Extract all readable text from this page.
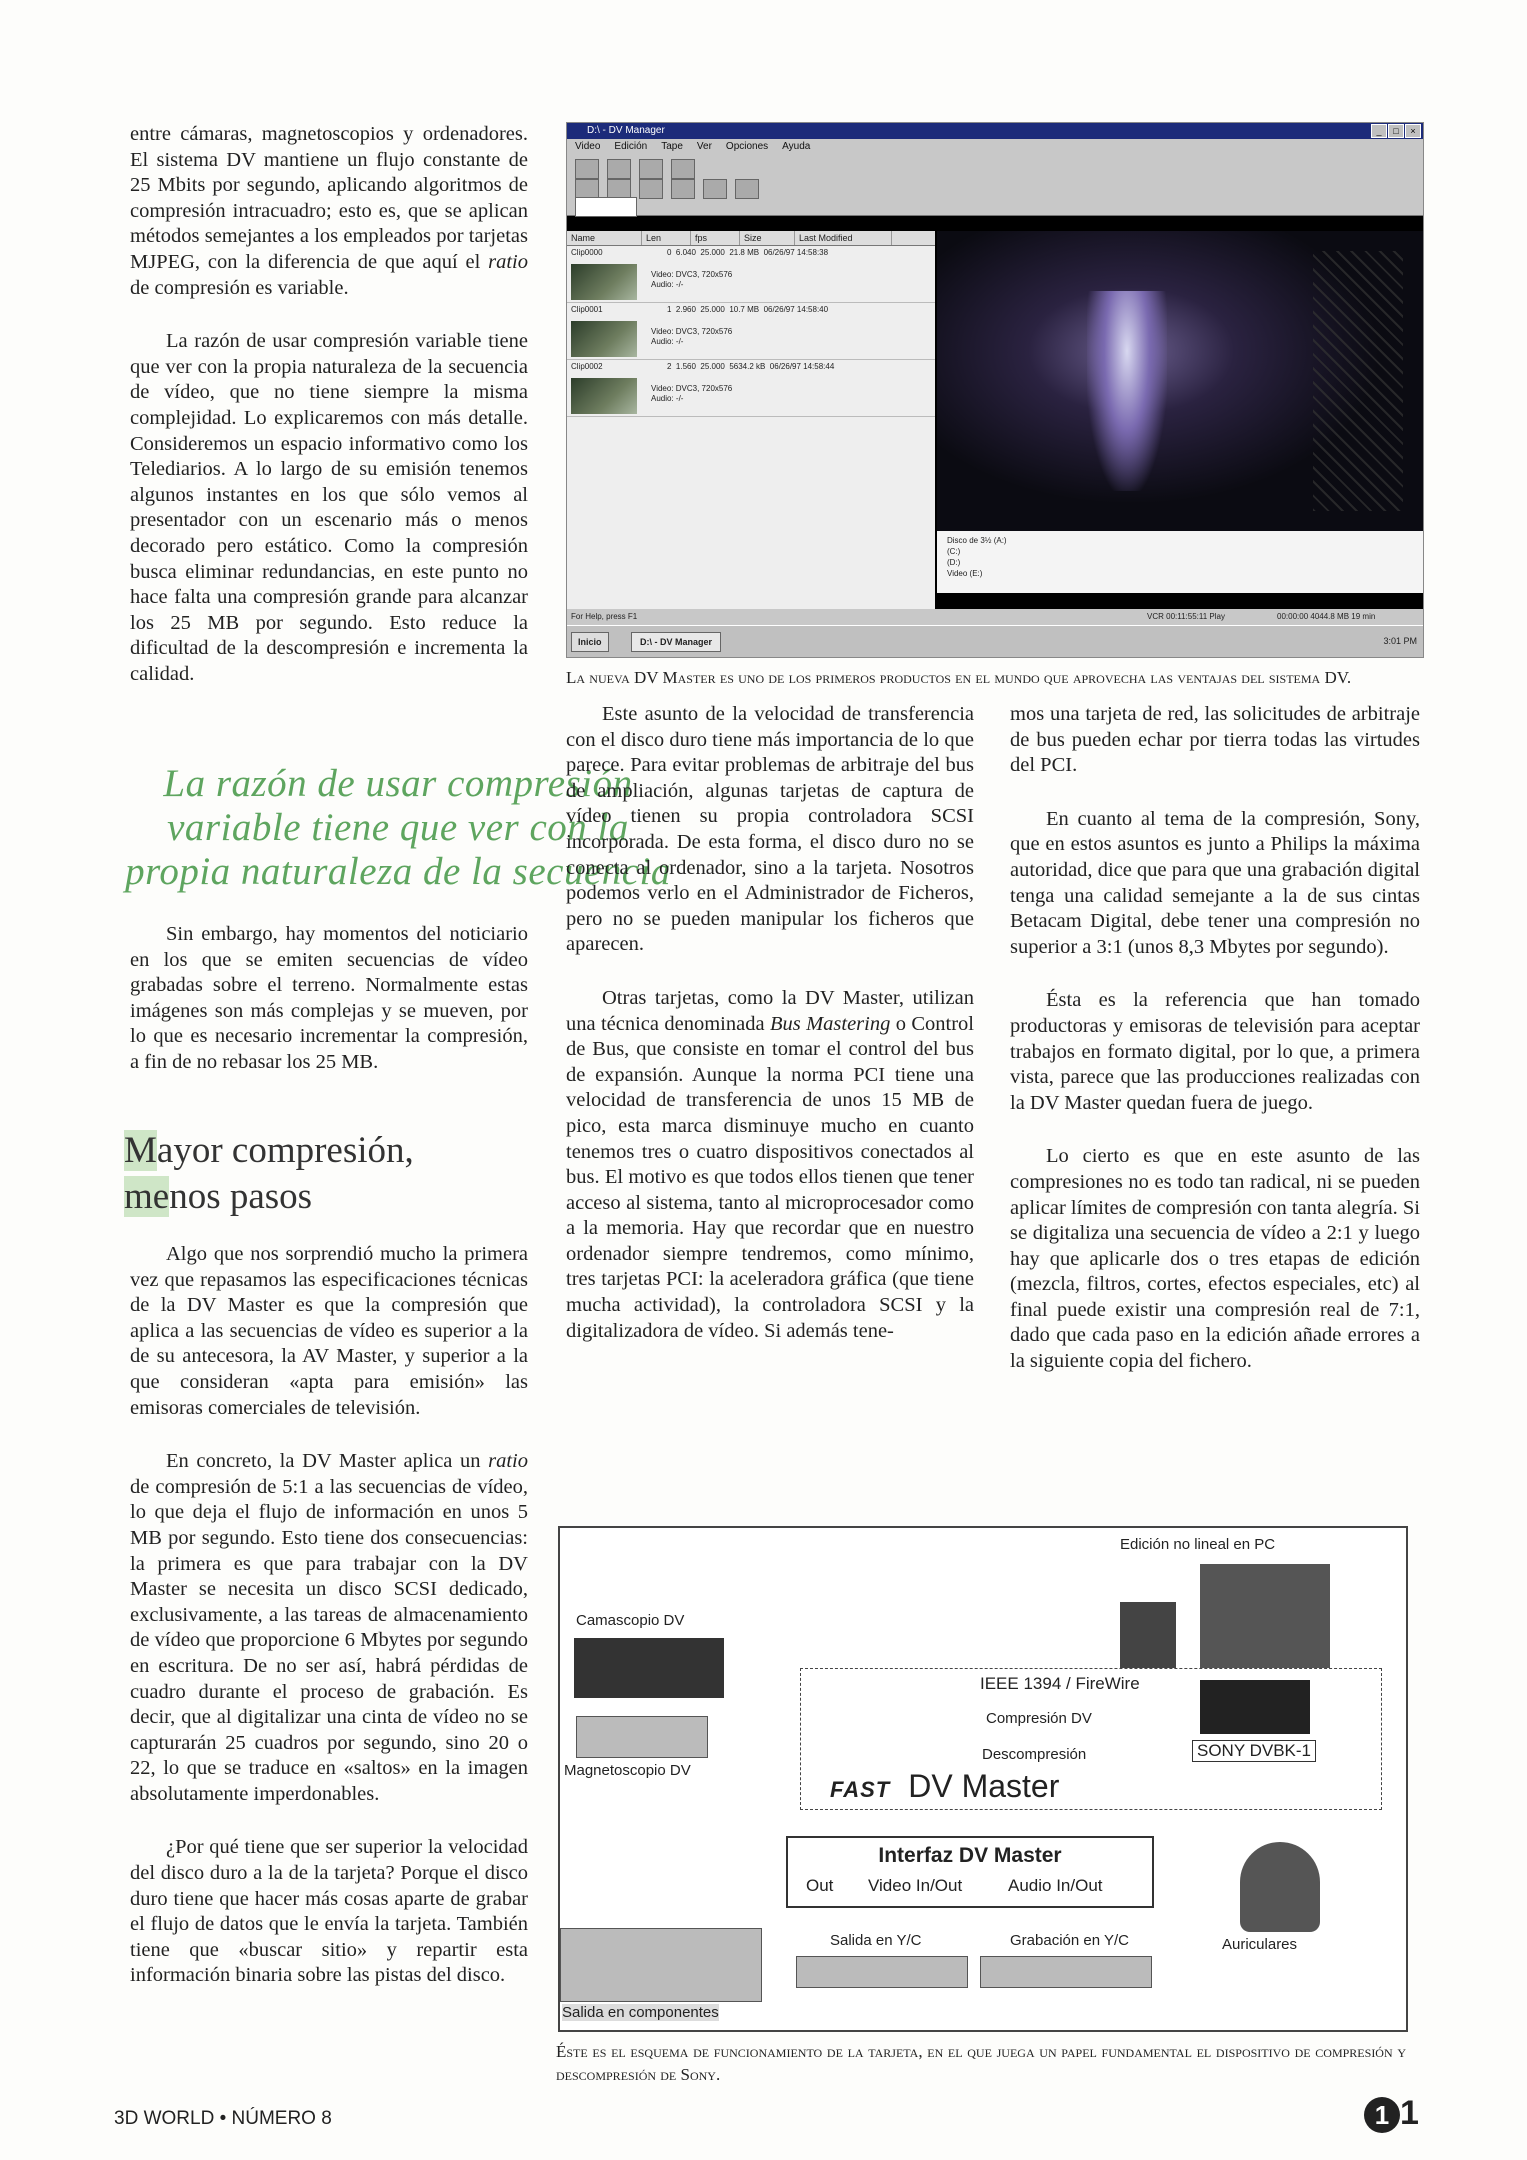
entre cámaras, magnetoscopios y ordenadores. El sistema DV mantiene un flujo constante de 25 Mbits por segundo, aplicando algoritmos de compresión intracuadro; esto es, que se aplican métodos semejantes a los empleados por tarjetas MJPEG, con la diferencia de que aquí el ratio de compresión es variable.

La razón de usar compresión variable tiene que ver con la propia naturaleza de la secuencia de vídeo, que no tiene siempre la misma complejidad. Lo explicaremos con más detalle. Consideremos un espacio informativo como los Telediarios. A lo largo de su emisión tenemos algunos instantes en los que sólo vemos al presentador con un escenario más o menos decorado pero estático. Como la compresión busca eliminar redundancias, en este punto no hace falta una compresión grande para alcanzar los 25 MB por segundo. Esto reduce la dificultad de la descompresión e incrementa la calidad.

La razón de usar compresión variable tiene que ver con la propia naturaleza de la secuencia

Sin embargo, hay momentos del noticiario en los que se emiten secuencias de vídeo grabadas sobre el terreno. Normalmente estas imágenes son más complejas y se mueven, por lo que es necesario incrementar la compresión, a fin de no rebasar los 25 MB.

Mayor compresión,
menos pasos

Algo que nos sorprendió mucho la primera vez que repasamos las especificaciones técnicas de la DV Master es que la compresión que aplica a las secuencias de vídeo es superior a la de su antecesora, la AV Master, y superior a la que consideran «apta para emisión» las emisoras comerciales de televisión.

En concreto, la DV Master aplica un ratio de compresión de 5:1 a las secuencias de vídeo, lo que deja el flujo de información en unos 5 MB por segundo. Esto tiene dos consecuencias: la primera es que para trabajar con la DV Master se necesita un disco SCSI dedicado, exclusivamente, a las tareas de almacenamiento de vídeo que proporcione 6 Mbytes por segundo en escritura. De no ser así, habrá pérdidas de cuadro durante el proceso de grabación. Es decir, que al digitalizar una cinta de vídeo no se capturarán 25 cuadros por segundo, sino 20 o 22, lo que se traduce en «saltos» en la imagen absolutamente imperdonables.

¿Por qué tiene que ser superior la velocidad del disco duro a la de la tarjeta? Porque el disco duro tiene que hacer más cosas aparte de grabar el flujo de datos que le envía la tarjeta. También tiene que «buscar sitio» y repartir esta información binaria sobre las pistas del disco.

D:\ - DV Manager	_ □ ×
Video Edición Tape Ver Opciones Ayuda
Name	Len	fps	Size	Last Modified
Clip0000	0 6.040 25.000 21.8 MB 06/26/97 14:58:38
Video: DVC3, 720x576
Audio: -/-
Clip0001	1 2.960 25.000 10.7 MB 06/26/97 14:58:40
Video: DVC3, 720x576
Audio: -/-
Clip0002	2 1.560 25.000 5634.2 kB 06/26/97 14:58:44
Video: DVC3, 720x576
Audio: -/-
Disco de 3½ (A:)
(C:)
(D:)
Video (E:)
For Help, press F1	VCR 00:11:55:11 Play	00:00:00 4044.8 MB 19 min
Inicio	D:\ - DV Manager	3:01 PM
La nueva DV Master es uno de los primeros productos en el mundo que aprovecha las ventajas del sistema DV.

Este asunto de la velocidad de transferencia con el disco duro tiene más importancia de lo que parece. Para evitar problemas de arbitraje del bus de ampliación, algunas tarjetas de captura de vídeo tienen su propia controladora SCSI incorporada. De esta forma, el disco duro no se conecta al ordenador, sino a la tarjeta. Nosotros podemos verlo en el Administrador de Ficheros, pero no se pueden manipular los ficheros que aparecen.

Otras tarjetas, como la DV Master, utilizan una técnica denominada Bus Mastering o Control de Bus, que consiste en tomar el control del bus de expansión. Aunque la norma PCI tiene una velocidad de transferencia de unos 15 MB de pico, esta marca disminuye mucho en cuanto tenemos tres o cuatro dispositivos conectados al bus. El motivo es que todos ellos tienen que tener acceso al sistema, tanto al microprocesador como a la memoria. Hay que recordar que en nuestro ordenador siempre tendremos, como mínimo, tres tarjetas PCI: la aceleradora gráfica (que tiene mucha actividad), la controladora SCSI y la digitalizadora de vídeo. Si además tene-

mos una tarjeta de red, las solicitudes de arbitraje de bus pueden echar por tierra todas las virtudes del PCI.

En cuanto al tema de la compresión, Sony, que en estos asuntos es junto a Philips la máxima autoridad, dice que para que una grabación digital tenga una calidad semejante a la de sus cintas Betacam Digital, debe tener una compresión no superior a 3:1 (unos 8,3 Mbytes por segundo).

Ésta es la referencia que han tomado productoras y emisoras de televisión para aceptar trabajos en formato digital, por lo que, a primera vista, parece que las producciones realizadas con la DV Master quedan fuera de juego.

Lo cierto es que en este asunto de las compresiones no es todo tan radical, ni se pueden aplicar límites de compresión con tanta alegría. Si se digitaliza una secuencia de vídeo a 2:1 y luego hay que aplicarle dos o tres etapas de edición (mezcla, filtros, cortes, efectos especiales, etc) al final puede existir una compresión real de 7:1, dado que cada paso en la edición añade errores a la siguiente copia del fichero.

Edición no lineal en PC
Camascopio DV
Magnetoscopio DV
IEEE 1394 / FireWire
Compresión DV
Descompresión	SONY DVBK-1
FAST DV Master
Interfaz DV Master
Out Video In/Out	Audio In/Out
Auriculares
Salida en Y/C	Grabación en Y/C
Salida en componentes
Éste es el esquema de funcionamiento de la tarjeta, en el que juega un papel fundamental el dispositivo de compresión y descompresión de Sony.
3D WORLD • NÚMERO 8	1 1
